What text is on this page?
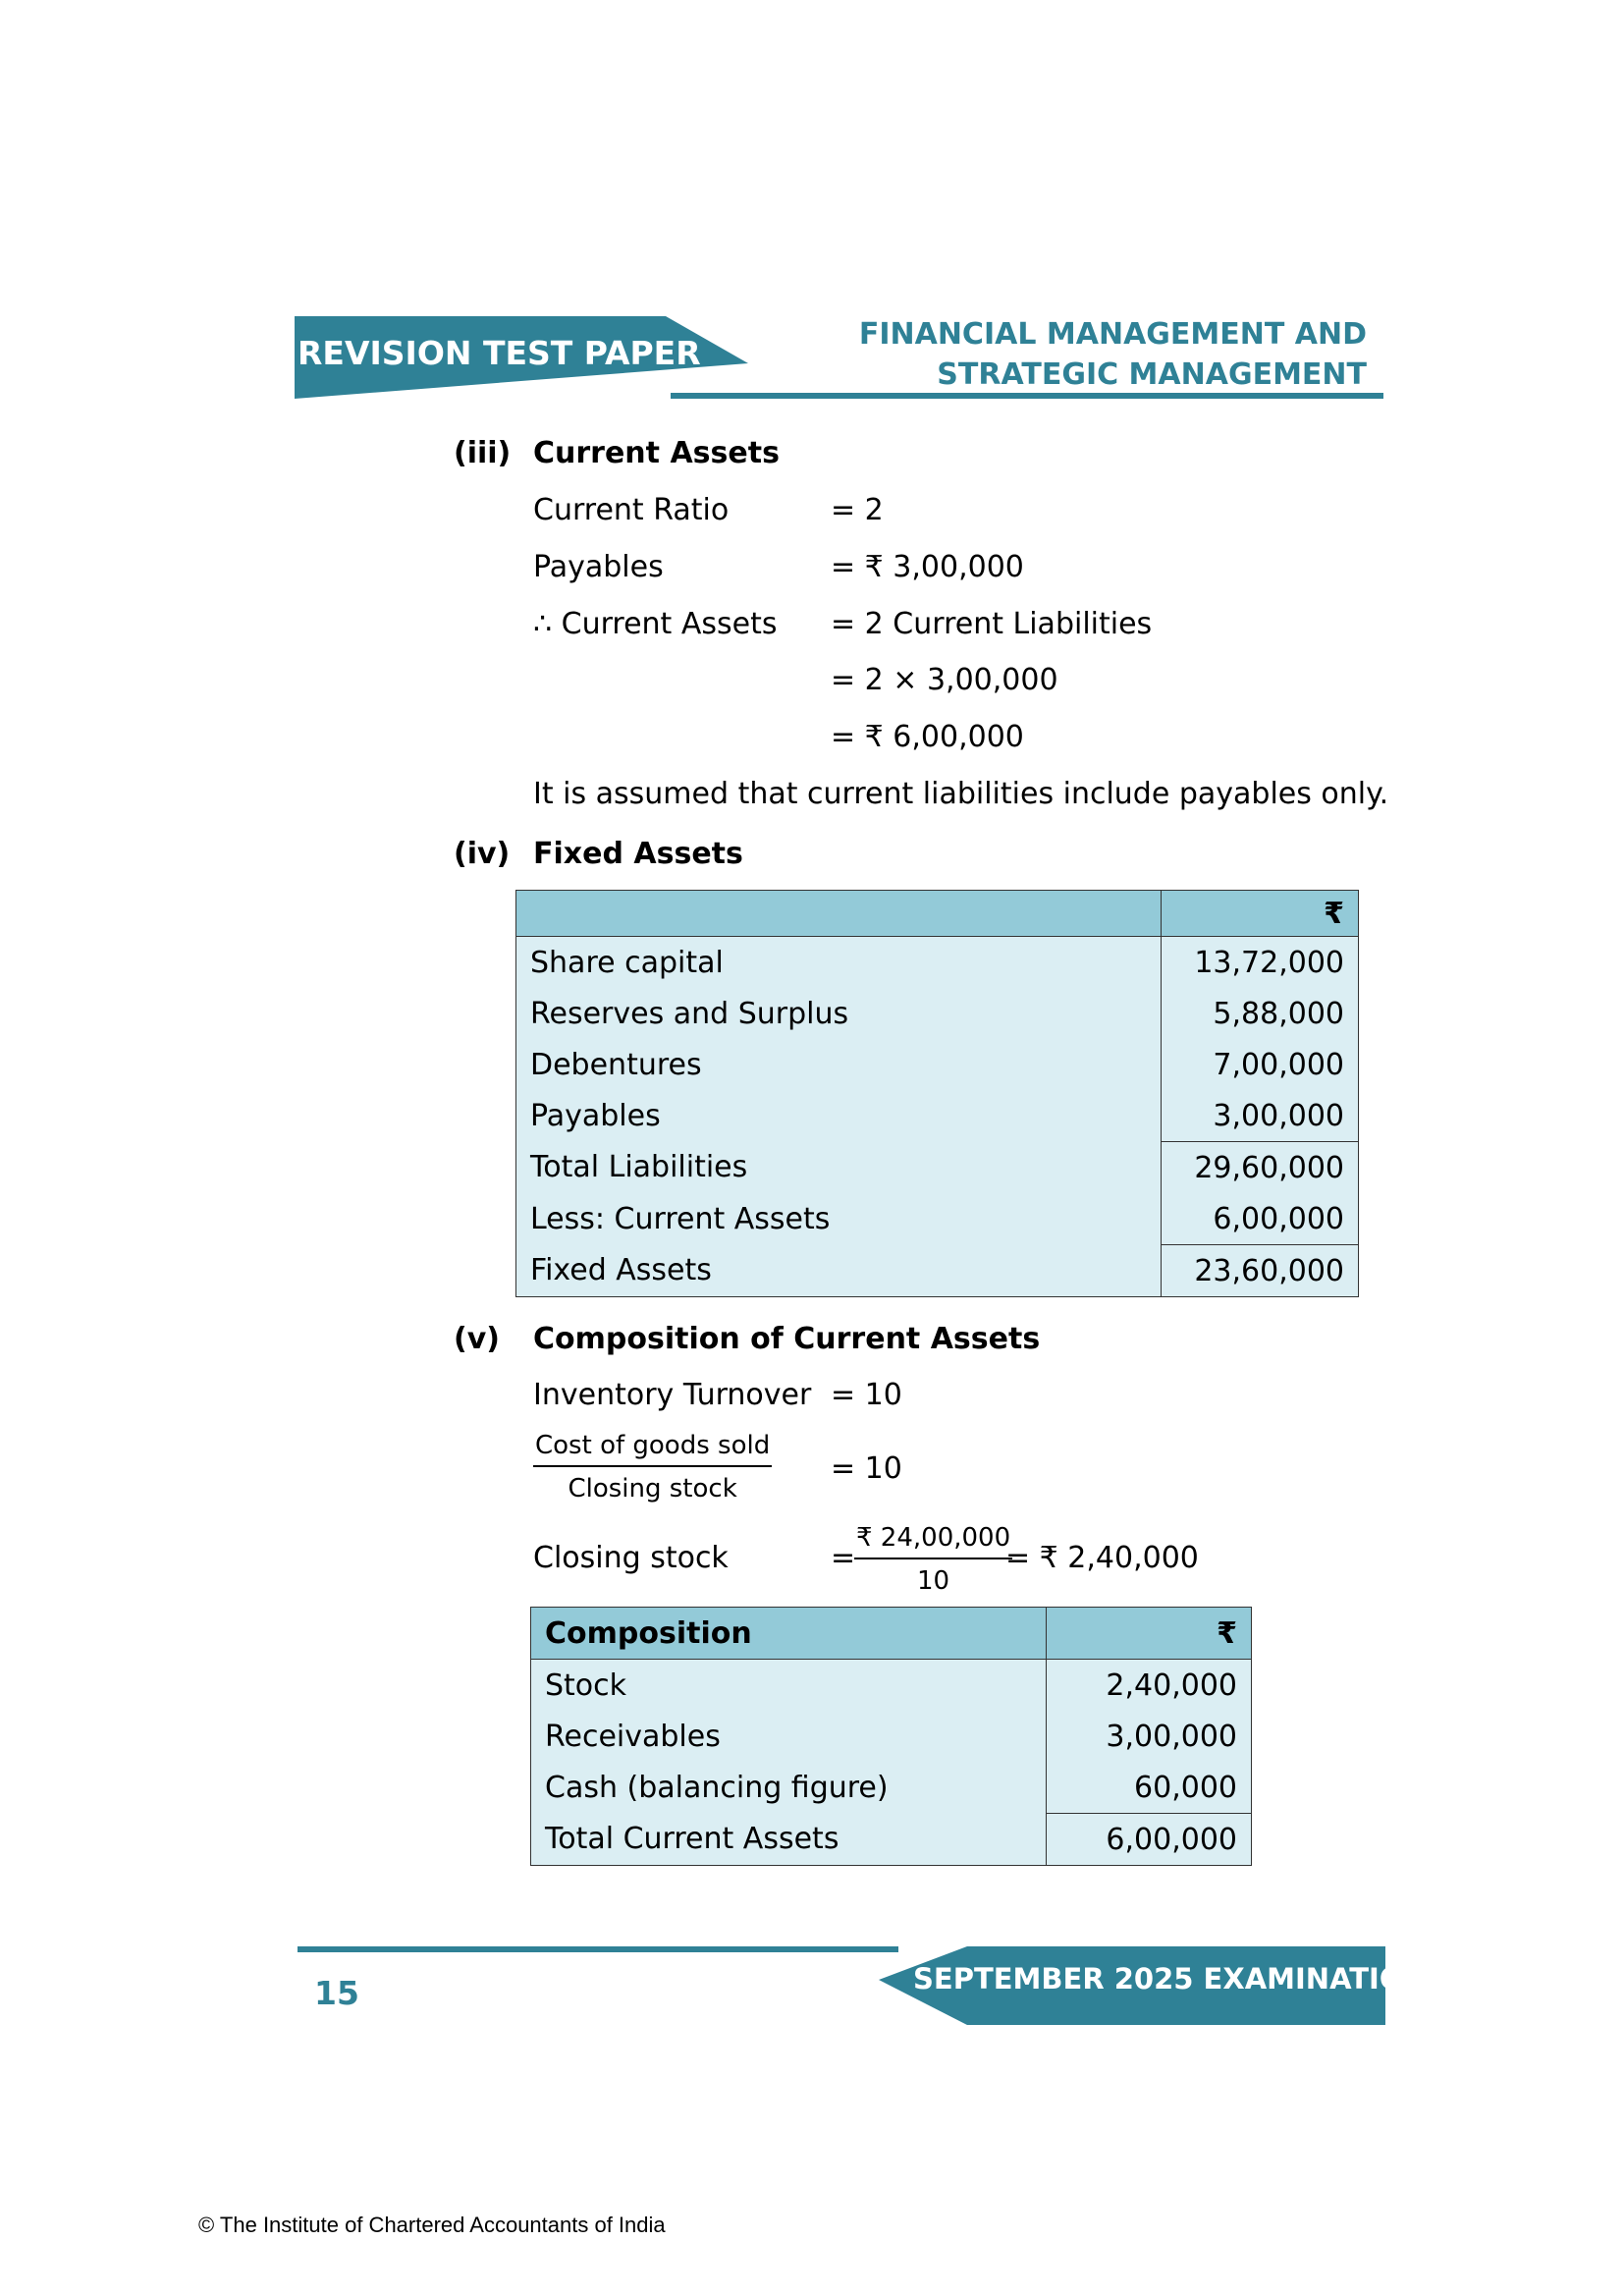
REVISION TEST PAPER	FINANCIAL MANAGEMENT AND
STRATEGIC MANAGEMENT
(iii) Current Assets
Current Ratio	= 2
Payables	= ₹ 3,00,000
∴ Current Assets = 2 Current Liabilities
= 2 × 3,00,000
= ₹ 6,00,000
It is assumed that current liabilities include payables only.
(iv) Fixed Assets
	₹
Share capital	13,72,000
Reserves and Surplus	5,88,000
Debentures	7,00,000
Payables	3,00,000
Total Liabilities	29,60,000
Less: Current Assets	6,00,000
Fixed Assets	23,60,000
(v) Composition of Current Assets
Inventory Turnover = 10
Cost of goods sold
Closing stock
= 10
Closing stock	=
$\frac{₹ 24,00,000}{10}$
= ₹ 2,40,000
Composition	₹
Stock	2,40,000
Receivables	3,00,000
Cash (balancing figure)	60,000
Total Current Assets	6,00,000
SEPTEMBER 2025 EXAMINATION
15
© The Institute of Chartered Accountants of India
